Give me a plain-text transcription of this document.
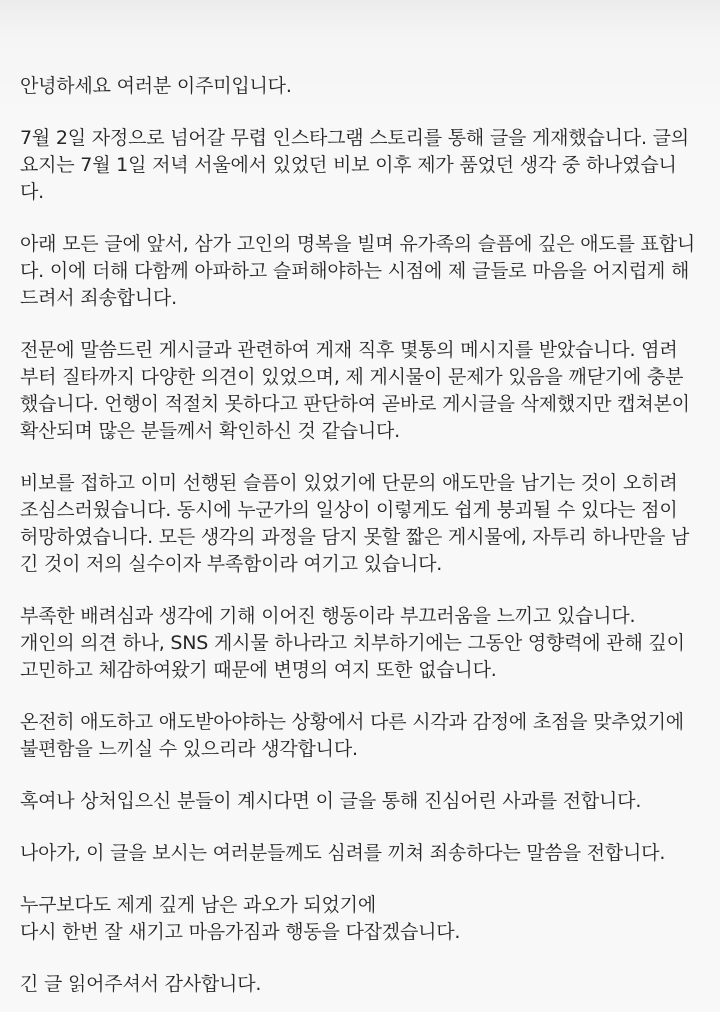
안녕하세요 여러분 이주미입니다.

7월 2일 자정으로 넘어갈 무렵 인스타그램 스토리를 통해 글을 게재했습니다. 글의
요지는 7월 1일 저녁 서울에서 있었던 비보 이후 제가 품었던 생각 중 하나였습니다.

아래 모든 글에 앞서, 삼가 고인의 명복을 빌며 유가족의 슬픔에 깊은 애도를 표합니
다. 이에 더해 다함께 아파하고 슬퍼해야하는 시점에 제 글들로 마음을 어지럽게 해
드려서 죄송합니다.

전문에 말씀드린 게시글과 관련하여 게재 직후 몇통의 메시지를 받았습니다. 염려
부터 질타까지 다양한 의견이 있었으며, 제 게시물이 문제가 있음을 깨닫기에 충분
했습니다. 언행이 적절치 못하다고 판단하여 곧바로 게시글을 삭제했지만 캡쳐본이
확산되며 많은 분들께서 확인하신 것 같습니다.

비보를 접하고 이미 선행된 슬픔이 있었기에 단문의 애도만을 남기는 것이 오히려
조심스러웠습니다. 동시에 누군가의 일상이 이렇게도 쉽게 붕괴될 수 있다는 점이
허망하였습니다. 모든 생각의 과정을 담지 못할 짧은 게시물에, 자투리 하나만을 남
긴 것이 저의 실수이자 부족함이라 여기고 있습니다.

부족한 배려심과 생각에 기해 이어진 행동이라 부끄러움을 느끼고 있습니다.
개인의 의견 하나, SNS 게시물 하나라고 치부하기에는 그동안 영향력에 관해 깊이
고민하고 체감하여왔기 때문에 변명의 여지 또한 없습니다.

온전히 애도하고 애도받아야하는 상황에서 다른 시각과 감정에 초점을 맞추었기에
불편함을 느끼실 수 있으리라 생각합니다.

혹여나 상처입으신 분들이 계시다면 이 글을 통해 진심어린 사과를 전합니다.

나아가, 이 글을 보시는 여러분들께도 심려를 끼쳐 죄송하다는 말씀을 전합니다.

누구보다도 제게 깊게 남은 과오가 되었기에
다시 한번 잘 새기고 마음가짐과 행동을 다잡겠습니다.

긴 글 읽어주셔서 감사합니다.
